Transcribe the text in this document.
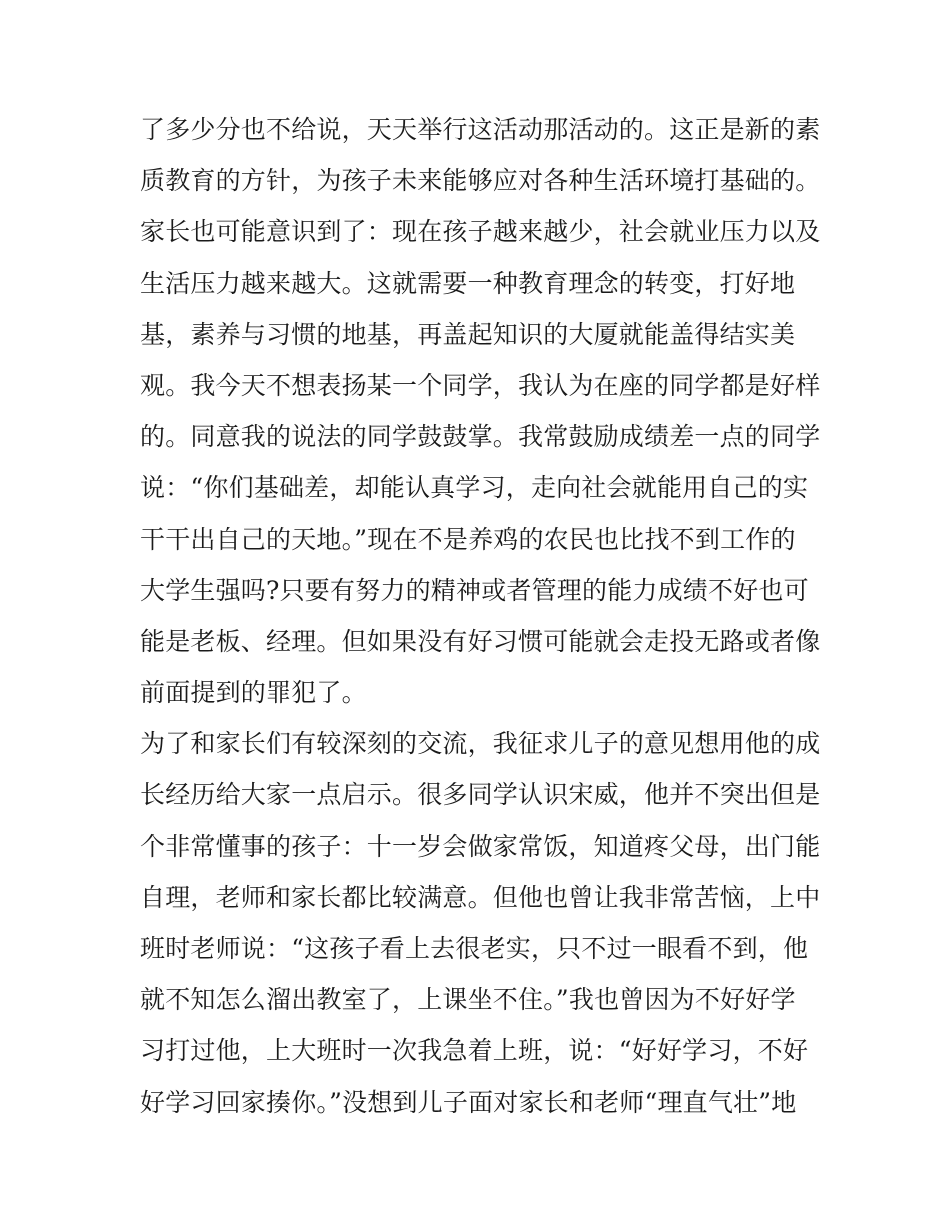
了多少分也不给说，天天举行这活动那活动的。这正是新的素
质教育的方针，为孩子未来能够应对各种生活环境打基础的。
家长也可能意识到了：现在孩子越来越少，社会就业压力以及
生活压力越来越大。这就需要一种教育理念的转变，打好地
基，素养与习惯的地基，再盖起知识的大厦就能盖得结实美
观。我今天不想表扬某一个同学，我认为在座的同学都是好样
的。同意我的说法的同学鼓鼓掌。我常鼓励成绩差一点的同学
说：“你们基础差，却能认真学习，走向社会就能用自己的实
干干出自己的天地。”现在不是养鸡的农民也比找不到工作的
大学生强吗?只要有努力的精神或者管理的能力成绩不好也可
能是老板、经理。但如果没有好习惯可能就会走投无路或者像
前面提到的罪犯了。
为了和家长们有较深刻的交流，我征求儿子的意见想用他的成
长经历给大家一点启示。很多同学认识宋威，他并不突出但是
个非常懂事的孩子：十一岁会做家常饭，知道疼父母，出门能
自理，老师和家长都比较满意。但他也曾让我非常苦恼，上中
班时老师说：“这孩子看上去很老实，只不过一眼看不到，他
就不知怎么溜出教室了，上课坐不住。”我也曾因为不好好学
习打过他，上大班时一次我急着上班，说：“好好学习，不好
好学习回家揍你。”没想到儿子面对家长和老师“理直气壮”地
